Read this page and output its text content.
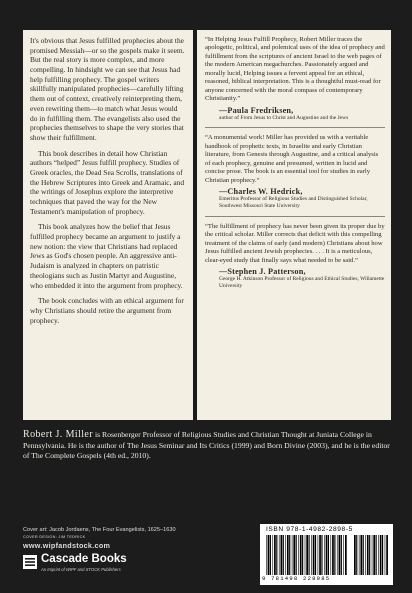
It's obvious that Jesus fulfilled prophecies about the promised Messiah—or so the gospels make it seem. But the real story is more complex, and more compelling. In hindsight we can see that Jesus had help fulfilling prophecy. The gospel writers skillfully manipulated prophecies—carefully lifting them out of context, creatively reinterpreting them, even rewriting them—to match what Jesus would do in fulfilling them. The evangelists also used the prophecies themselves to shape the very stories that show their fulfillment.

This book describes in detail how Christian authors “helped” Jesus fulfill prophecy. Studies of Greek oracles, the Dead Sea Scrolls, translations of the Hebrew Scriptures into Greek and Aramaic, and the writings of Josephus explore the interpretive techniques that paved the way for the New Testament's manipulation of prophecy.

This book analyzes how the belief that Jesus fulfilled prophecy became an argument to justify a new notion: the view that Christians had replaced Jews as God's chosen people. An aggressive anti-Judaism is analyzed in chapters on patristic theologians such as Justin Martyr and Augustine, who embedded it into the argument from prophecy.

The book concludes with an ethical argument for why Christians should retire the argument from prophecy.

“In Helping Jesus Fulfill Prophecy, Robert Miller traces the apologetic, political, and polemical uses of the idea of prophecy and fulfillment from the scriptures of ancient Israel to the web pages of the modern American megachurches. Passionately argued and morally lucid, Helping issues a fervent appeal for an ethical, reasoned, biblical interpretation. This is a thoughtful must-read for anyone concerned with the moral compass of contemporary Christianity.”

—Paula Fredriksen,

author of From Jesus to Christ and Augustine and the Jews

“A monumental work! Miller has provided us with a veritable handbook of prophetic texts, in Israelite and early Christian literature, from Genesis through Augustine, and a critical analysis of each prophecy, genuine and presumed, written in lucid and concise prose. The book is an essential tool for studies in early Christian prophecy.”

—Charles W. Hedrick,

Emeritus Professor of Religious Studies and Distinguished Scholar, Southwest Missouri State University

“The fulfillment of prophecy has never been given its proper due by the critical scholar. Miller corrects that deficit with this compelling treatment of the claims of early (and modern) Christians about how Jesus fulfilled ancient Jewish prophecies. . . . It is a meticulous, clear-eyed study that finally says what needed to be said.”

—Stephen J. Patterson,

George H. Atkinson Professor of Religious and Ethical Studies, Willamette University

Robert J. Miller is Rosenberger Professor of Religious Studies and Christian Thought at Juniata College in Pennsylvania. He is the author of The Jesus Seminar and Its Critics (1999) and Born Divine (2003), and he is the editor of The Complete Gospels (4th ed., 2010).

Cover art: Jacob Jordaens, The Four Evangelists, 1625–1630
COVER DESIGN: JIM TEDRICK
www.wipfandstock.com
Cascade Books
An Imprint of WIPF and STOCK Publishers
ISBN 978-1-4982-2898-5
9 781498 228985
